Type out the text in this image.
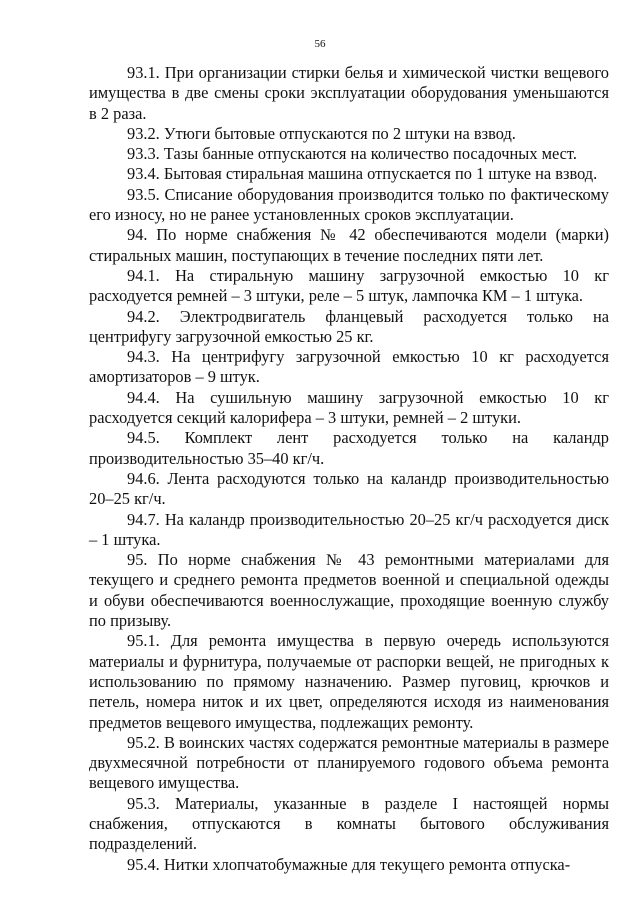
56

93.1. При организации стирки белья и химической чистки вещевого имущества в две смены сроки эксплуатации оборудования уменьшаются в 2 раза.

93.2. Утюги бытовые отпускаются по 2 штуки на взвод.

93.3. Тазы банные отпускаются на количество посадочных мест.

93.4. Бытовая стиральная машина отпускается по 1 штуке на взвод.

93.5. Списание оборудования производится только по фактическому его износу, но не ранее установленных сроков эксплуатации.

94. По норме снабжения № 42 обеспечиваются модели (марки) стиральных машин, поступающих в течение последних пяти лет.

94.1. На стиральную машину загрузочной емкостью 10 кг расходуется ремней – 3 штуки, реле – 5 штук, лампочка КМ – 1 штука.

94.2. Электродвигатель фланцевый расходуется только на центрифугу загрузочной емкостью 25 кг.

94.3. На центрифугу загрузочной емкостью 10 кг расходуется амортизаторов – 9 штук.

94.4. На сушильную машину загрузочной емкостью 10 кг расходуется секций калорифера – 3 штуки, ремней – 2 штуки.

94.5. Комплект лент расходуется только на каландр производительностью 35–40 кг/ч.

94.6. Лента расходуются только на каландр производительностью 20–25 кг/ч.

94.7. На каландр производительностью 20–25 кг/ч расходуется диск – 1 штука.

95. По норме снабжения № 43 ремонтными материалами для текущего и среднего ремонта предметов военной и специальной одежды и обуви обеспечиваются военнослужащие, проходящие военную службу по призыву.

95.1. Для ремонта имущества в первую очередь используются материалы и фурнитура, получаемые от распорки вещей, не пригодных к использованию по прямому назначению. Размер пуговиц, крючков и петель, номера ниток и их цвет, определяются исходя из наименования предметов вещевого имущества, подлежащих ремонту.

95.2. В воинских частях содержатся ремонтные материалы в размере двухмесячной потребности от планируемого годового объема ремонта вещевого имущества.

95.3. Материалы, указанные в разделе I настоящей нормы снабжения, отпускаются в комнаты бытового обслуживания подразделений.

95.4. Нитки хлопчатобумажные для текущего ремонта отпуска-
